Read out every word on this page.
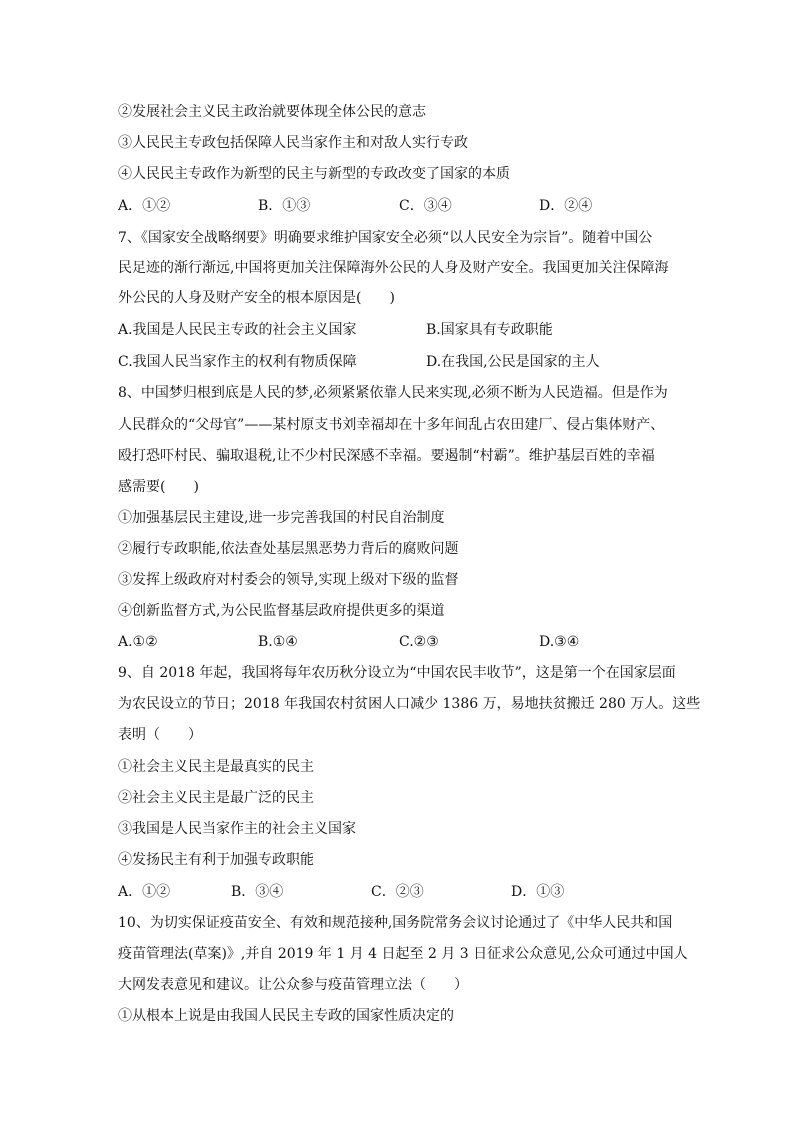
②发展社会主义民主政治就要体现全体公民的意志
③人民民主专政包括保障人民当家作主和对敌人实行专政
④人民民主专政作为新型的民主与新型的专政改变了国家的本质
A．①②	B．①③	C．③④	D．②④
7、《国家安全战略纲要》明确要求维护国家安全必须“以人民安全为宗旨”。随着中国公
民足迹的渐行渐远,中国将更加关注保障海外公民的人身及财产安全。我国更加关注保障海
外公民的人身及财产安全的根本原因是(　　)
A.我国是人民民主专政的社会主义国家	B.国家具有专政职能
C.我国人民当家作主的权利有物质保障	D.在我国,公民是国家的主人
8、中国梦归根到底是人民的梦,必须紧紧依靠人民来实现,必须不断为人民造福。但是作为
人民群众的“父母官”——某村原支书刘幸福却在十多年间乱占农田建厂、侵占集体财产、
殴打恐吓村民、骗取退税,让不少村民深感不幸福。要遏制“村霸”。维护基层百姓的幸福
感需要(　　)
①加强基层民主建设,进一步完善我国的村民自治制度
②履行专政职能,依法查处基层黑恶势力背后的腐败问题
③发挥上级政府对村委会的领导,实现上级对下级的监督
④创新监督方式,为公民监督基层政府提供更多的渠道
A.①②	B.①④	C.②③	D.③④
9、自 2018 年起，我国将每年农历秋分设立为“中国农民丰收节”，这是第一个在国家层面
为农民设立的节日；2018 年我国农村贫困人口减少 1386 万，易地扶贫搬迁 280 万人。这些
表明（　　）
①社会主义民主是最真实的民主
②社会主义民主是最广泛的民主
③我国是人民当家作主的社会主义国家
④发扬民主有利于加强专政职能
A．①②	B．③④	C．②③	D．①③
10、为切实保证疫苗安全、有效和规范接种,国务院常务会议讨论通过了《中华人民共和国
疫苗管理法(草案)》,并自 2019 年 1 月 4 日起至 2 月 3 日征求公众意见,公众可通过中国人
大网发表意见和建议。让公众参与疫苗管理立法（　　）
①从根本上说是由我国人民民主专政的国家性质决定的
